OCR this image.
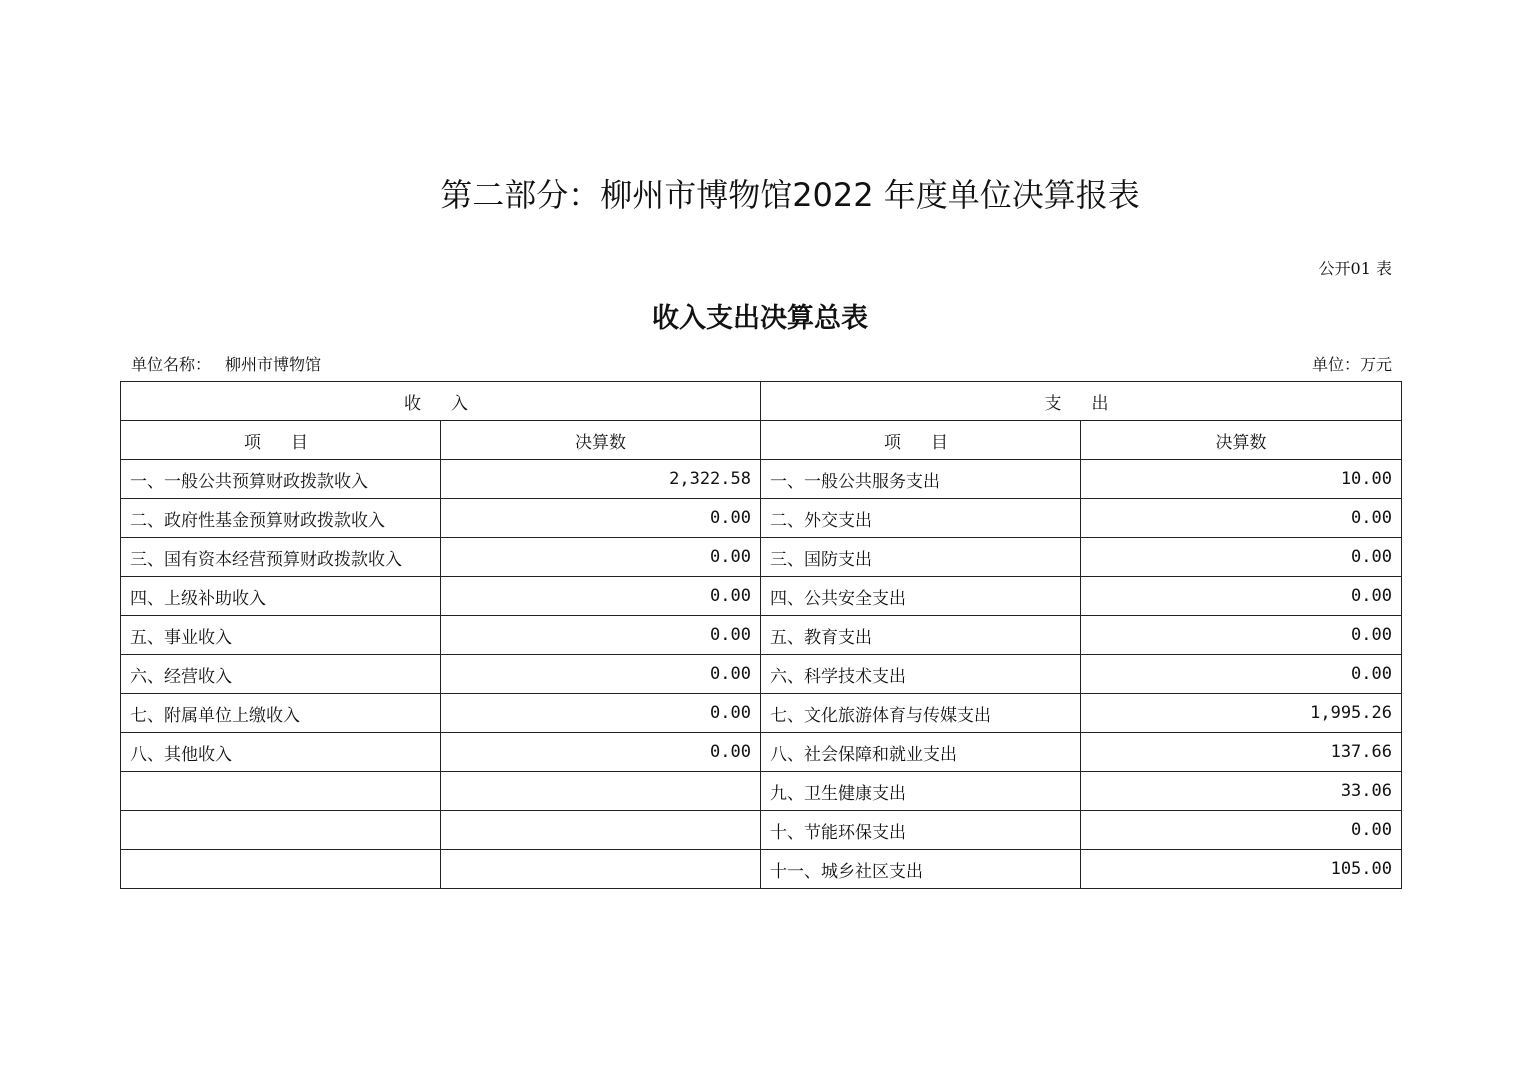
第二部分：柳州市博物馆2022 年度单位决算报表
公开01 表
收入支出决算总表
单位名称： 柳州市博物馆	单位：万元
收入		支出	
项目	决算数	项目	决算数
一、一般公共预算财政拨款收入	2,322.58	一、一般公共服务支出	10.00
二、政府性基金预算财政拨款收入	0.00	二、外交支出	0.00
三、国有资本经营预算财政拨款收入	0.00	三、国防支出	0.00
四、上级补助收入	0.00	四、公共安全支出	0.00
五、事业收入	0.00	五、教育支出	0.00
六、经营收入	0.00	六、科学技术支出	0.00
七、附属单位上缴收入	0.00	七、文化旅游体育与传媒支出	1,995.26
八、其他收入	0.00	八、社会保障和就业支出	137.66
		九、卫生健康支出	33.06
		十、节能环保支出	0.00
		十一、城乡社区支出	105.00
